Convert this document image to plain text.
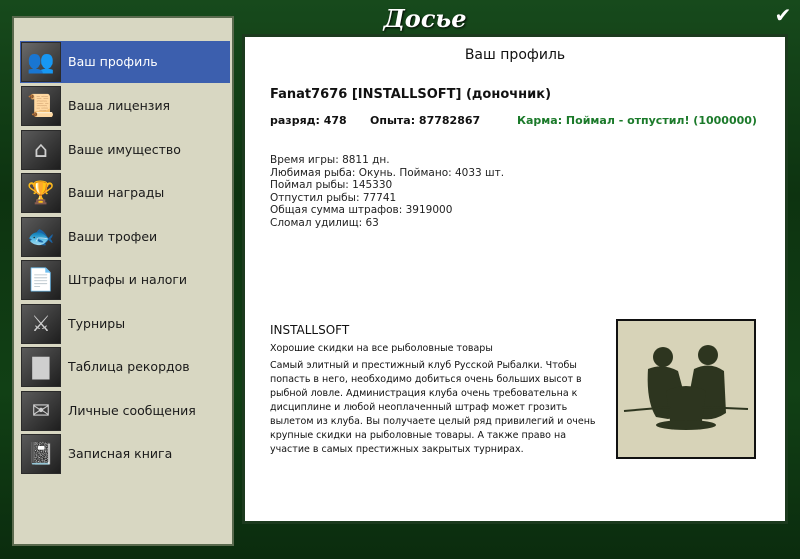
Досье	✔
👥	Ваш профиль
📜	Ваша лицензия
⌂	Ваше имущество
🏆	Ваши награды
🐟	Ваши трофеи
📄	Штрафы и налоги
⚔	Турниры
▇	Таблица рекордов
✉	Личные сообщения
📓	Записная книга
Ваш профиль
Fanat7676 [INSTALLSOFT] (доночник)
разряд: 478 Опыта: 87782867	Карма: Поймал - отпустил! (1000000)
Время игры: 8811 дн.
Любимая рыба: Окунь. Поймано: 4033 шт.
Поймал рыбы: 145330
Отпустил рыбы: 77741
Общая сумма штрафов: 3919000
Сломал удилищ: 63
INSTALLSOFT
Хорошие скидки на все рыболовные товары
Самый элитный и престижный клуб Русской Рыбалки. Чтобы попасть в него, необходимо добиться очень больших высот в рыбной ловле. Администрация клуба очень требовательна к дисциплине и любой неоплаченный штраф может грозить вылетом из клуба. Вы получаете целый ряд привилегий и очень крупные скидки на рыболовные товары. А также право на участие в самых престижных закрытых турнирах.
